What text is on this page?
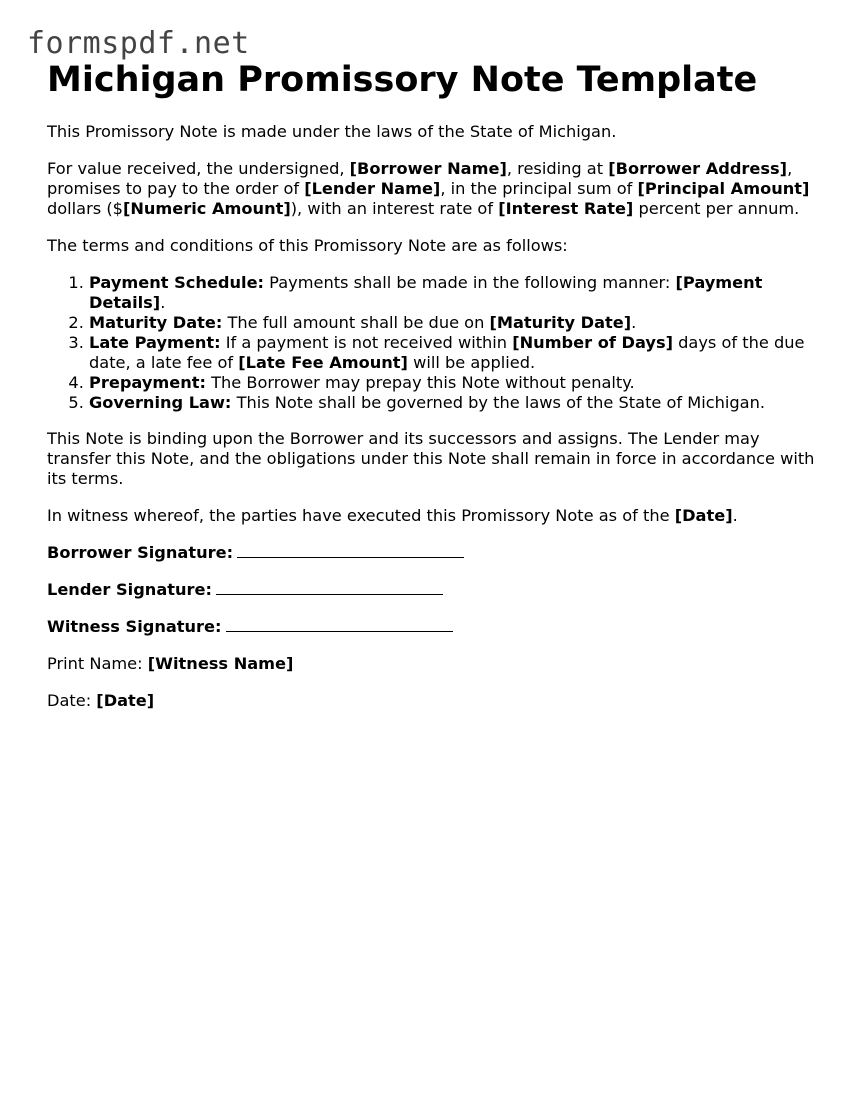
formspdf.net
Michigan Promissory Note Template

This Promissory Note is made under the laws of the State of Michigan.

For value received, the undersigned, [Borrower Name], residing at [Borrower Address], promises to pay to the order of [Lender Name], in the principal sum of [Principal Amount] dollars ($[Numeric Amount]), with an interest rate of [Interest Rate] percent per annum.

The terms and conditions of this Promissory Note are as follows:

1. Payment Schedule: Payments shall be made in the following manner: [Payment Details].
2. Maturity Date: The full amount shall be due on [Maturity Date].
3. Late Payment: If a payment is not received within [Number of Days] days of the due date, a late fee of [Late Fee Amount] will be applied.
4. Prepayment: The Borrower may prepay this Note without penalty.
5. Governing Law: This Note shall be governed by the laws of the State of Michigan.

This Note is binding upon the Borrower and its successors and assigns. The Lender may transfer this Note, and the obligations under this Note shall remain in force in accordance with its terms.

In witness whereof, the parties have executed this Promissory Note as of the [Date].

Borrower Signature:

Lender Signature:

Witness Signature:

Print Name: [Witness Name]

Date: [Date]
